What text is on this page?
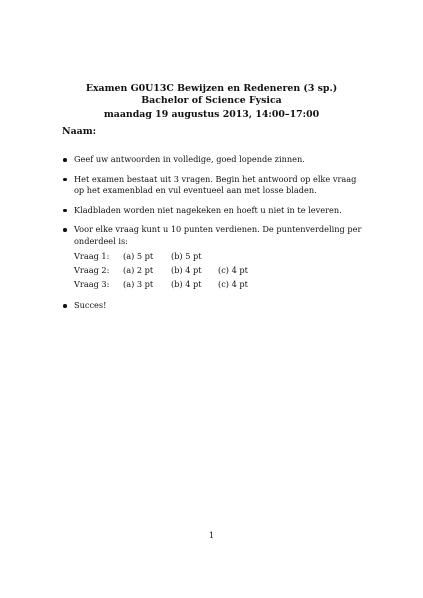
Examen G0U13C Bewijzen en Redeneren (3 sp.)
Bachelor of Science Fysica
maandag 19 augustus 2013, 14:00–17:00
Naam:
Geef uw antwoorden in volledige, goed lopende zinnen.
Het examen bestaat uit 3 vragen. Begin het antwoord op elke vraag op het examenblad en vul eventueel aan met losse bladen.
Kladbladen worden niet nagekeken en hoeft u niet in te leveren.
Voor elke vraag kunt u 10 punten verdienen. De puntenverdeling per onderdeel is:
Vraag 1:	(a) 5 pt	(b) 5 pt
Vraag 2:	(a) 2 pt	(b) 4 pt	(c) 4 pt
Vraag 3:	(a) 3 pt	(b) 4 pt	(c) 4 pt
Succes!
1
